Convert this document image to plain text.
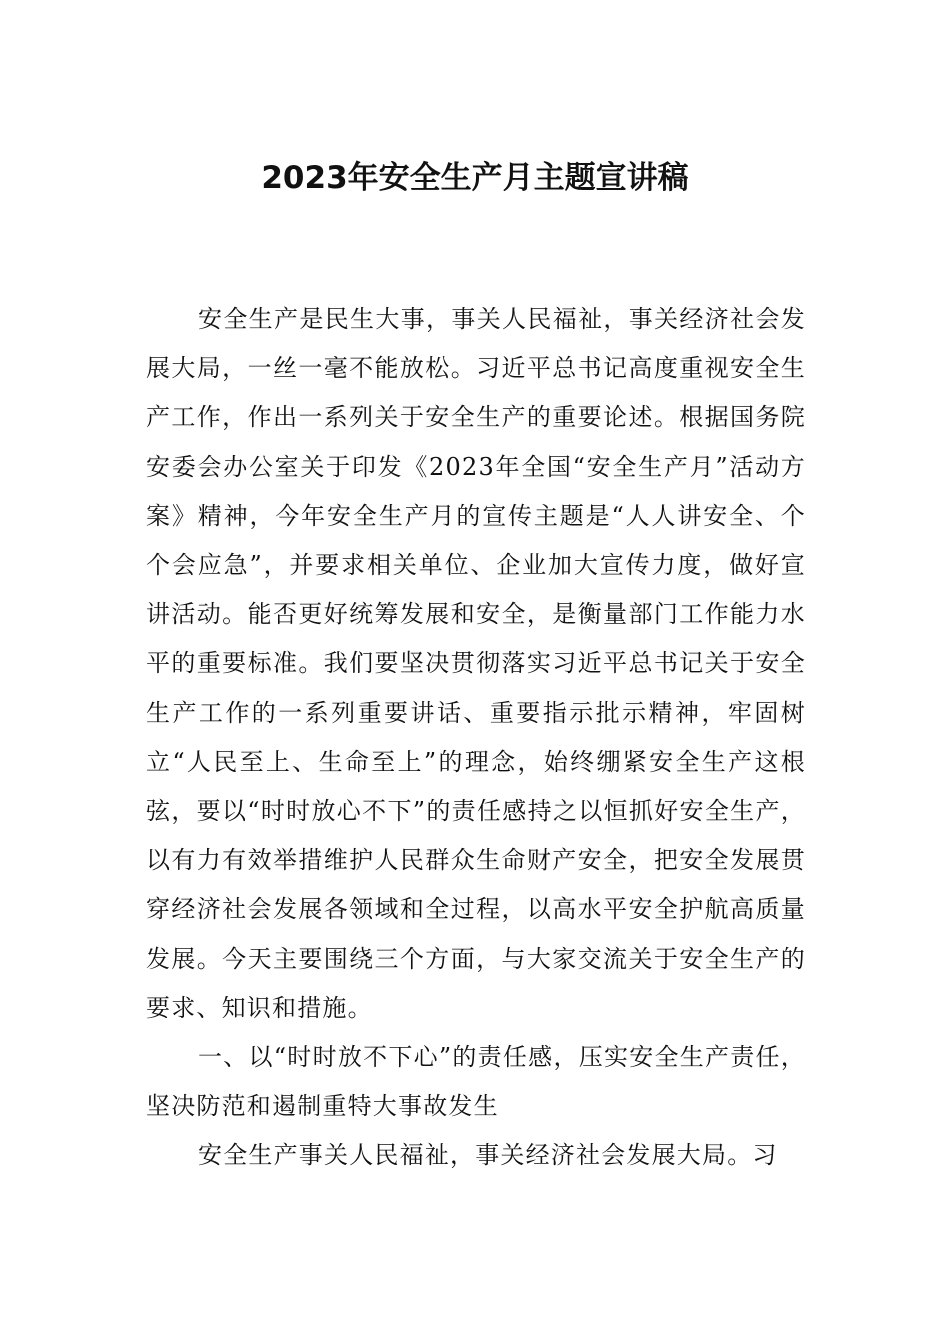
2023年安全生产月主题宣讲稿

安全生产是民生大事，事关人民福祉，事关经济社会发展大局，一丝一毫不能放松。习近平总书记高度重视安全生产工作，作出一系列关于安全生产的重要论述。根据国务院安委会办公室关于印发《2023年全国“安全生产月”活动方案》精神，今年安全生产月的宣传主题是“人人讲安全、个个会应急”，并要求相关单位、企业加大宣传力度，做好宣讲活动。能否更好统筹发展和安全，是衡量部门工作能力水平的重要标准。我们要坚决贯彻落实习近平总书记关于安全生产工作的一系列重要讲话、重要指示批示精神，牢固树立“人民至上、生命至上”的理念，始终绷紧安全生产这根弦，要以“时时放心不下”的责任感持之以恒抓好安全生产，以有力有效举措维护人民群众生命财产安全，把安全发展贯穿经济社会发展各领域和全过程，以高水平安全护航高质量发展。今天主要围绕三个方面，与大家交流关于安全生产的要求、知识和措施。

一、以“时时放不下心”的责任感，压实安全生产责任，坚决防范和遏制重特大事故发生

安全生产事关人民福祉，事关经济社会发展大局。习
